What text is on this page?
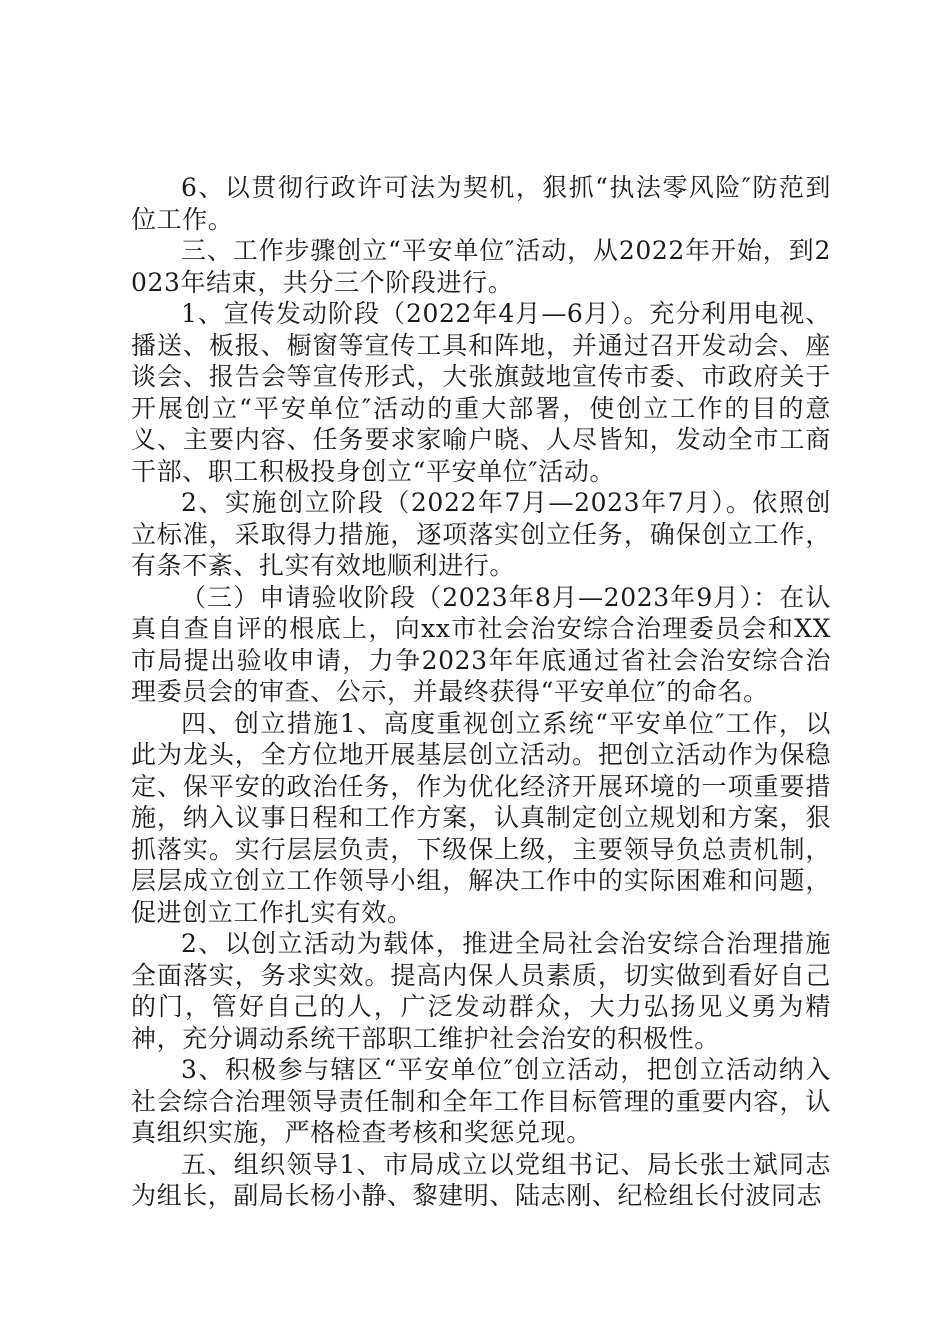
6、以贯彻行政许可法为契机，狠抓“执法零风险″防范到位工作。

三、工作步骤创立“平安单位″活动，从2022年开始，到2023年结束，共分三个阶段进行。

1、宣传发动阶段（2022年4月—6月）。充分利用电视、播送、板报、橱窗等宣传工具和阵地，并通过召开发动会、座谈会、报告会等宣传形式，大张旗鼓地宣传市委、市政府关于开展创立“平安单位″活动的重大部署，使创立工作的目的意义、主要内容、任务要求家喻户晓、人尽皆知，发动全市工商干部、职工积极投身创立“平安单位″活动。

2、实施创立阶段（2022年7月—2023年7月）。依照创立标准，采取得力措施，逐项落实创立任务，确保创立工作，有条不紊、扎实有效地顺利进行。

（三）申请验收阶段（2023年8月—2023年9月）：在认真自查自评的根底上，向xx市社会治安综合治理委员会和XX市局提出验收申请，力争2023年年底通过省社会治安综合治理委员会的审查、公示，并最终获得“平安单位″的命名。

四、创立措施1、高度重视创立系统“平安单位″工作，以此为龙头，全方位地开展基层创立活动。把创立活动作为保稳定、保平安的政治任务，作为优化经济开展环境的一项重要措施，纳入议事日程和工作方案，认真制定创立规划和方案，狠抓落实。实行层层负责，下级保上级，主要领导负总责机制，层层成立创立工作领导小组，解决工作中的实际困难和问题，促进创立工作扎实有效。

2、以创立活动为载体，推进全局社会治安综合治理措施全面落实，务求实效。提高内保人员素质，切实做到看好自己的门，管好自己的人，广泛发动群众，大力弘扬见义勇为精神，充分调动系统干部职工维护社会治安的积极性。

3、积极参与辖区“平安单位″创立活动，把创立活动纳入社会综合治理领导责任制和全年工作目标管理的重要内容，认真组织实施，严格检查考核和奖惩兑现。

五、组织领导1、市局成立以党组书记、局长张士斌同志为组长，副局长杨小静、黎建明、陆志刚、纪检组长付波同志
